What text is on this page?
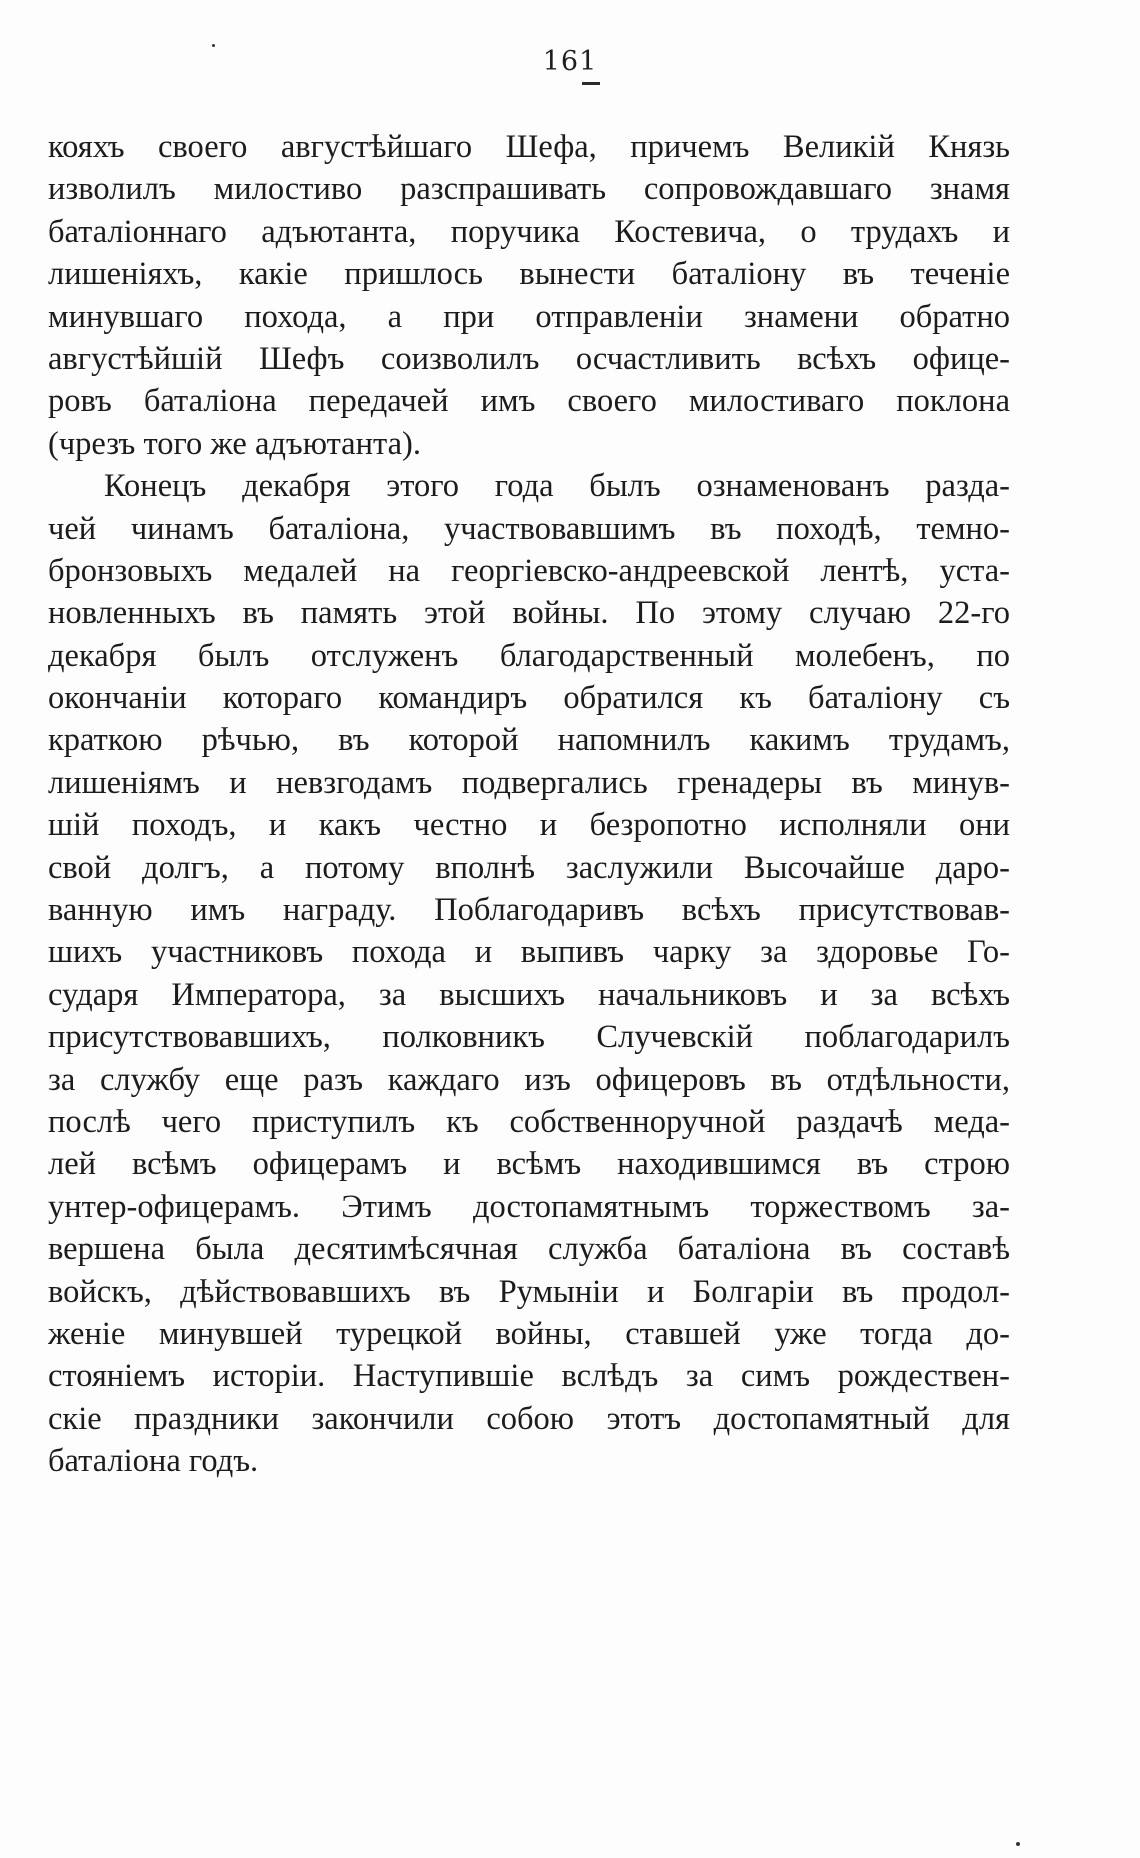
161
кояхъ своего августѣйшаго Шефа, причемъ Великій Князь
изволилъ милостиво разспрашивать сопровождавшаго знамя
баталіоннаго адъютанта, поручика Костевича, о трудахъ и
лишеніяхъ, какіе пришлось вынести баталіону въ теченіе
минувшаго похода, а при отправленіи знамени обратно
августѣйшій Шефъ соизволилъ осчастливить всѣхъ офице-
ровъ баталіона передачей имъ своего милостиваго поклона
(чрезъ того же адъютанта).
Конецъ декабря этого года былъ ознаменованъ разда-
чей чинамъ баталіона, участвовавшимъ въ походѣ, темно-
бронзовыхъ медалей на георгіевско-андреевской лентѣ, уста-
новленныхъ въ память этой войны. По этому случаю 22-го
декабря былъ отслуженъ благодарственный молебенъ, по
окончаніи котораго командиръ обратился къ баталіону съ
краткою рѣчью, въ которой напомнилъ какимъ трудамъ,
лишеніямъ и невзгодамъ подвергались гренадеры въ минув-
шій походъ, и какъ честно и безропотно исполняли они
свой долгъ, а потому вполнѣ заслужили Высочайше даро-
ванную имъ награду. Поблагодаривъ всѣхъ присутствовав-
шихъ участниковъ похода и выпивъ чарку за здоровье Го-
сударя Императора, за высшихъ начальниковъ и за всѣхъ
присутствовавшихъ, полковникъ Случевскій поблагодарилъ
за службу еще разъ каждаго изъ офицеровъ въ отдѣльности,
послѣ чего приступилъ къ собственноручной раздачѣ меда-
лей всѣмъ офицерамъ и всѣмъ находившимся въ строю
унтер-офицерамъ. Этимъ достопамятнымъ торжествомъ за-
вершена была десятимѣсячная служба баталіона въ составѣ
войскъ, дѣйствовавшихъ въ Румыніи и Болгаріи въ продол-
женіе минувшей турецкой войны, ставшей уже тогда до-
стояніемъ исторіи. Наступившіе вслѣдъ за симъ рождествен-
скіе праздники закончили собою этотъ достопамятный для
баталіона годъ.
